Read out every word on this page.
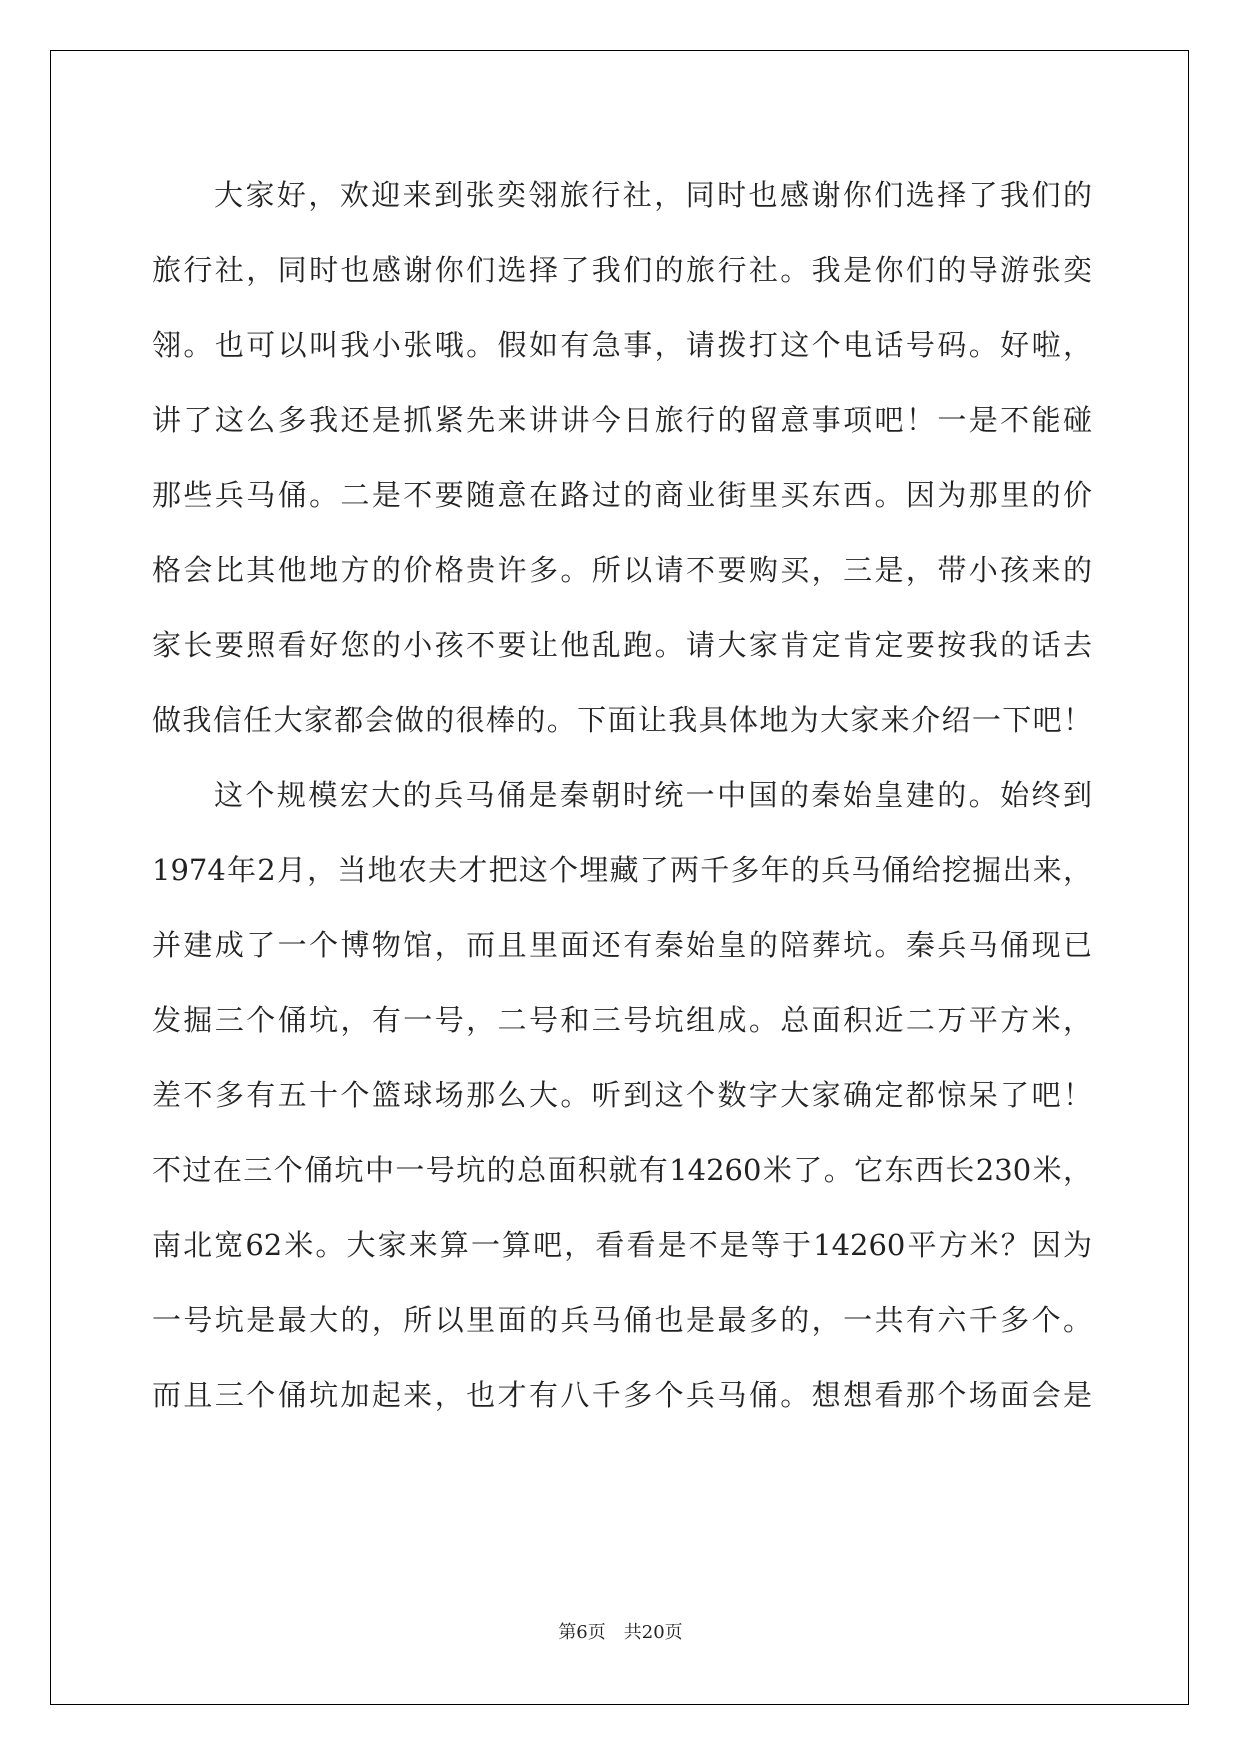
大家好，欢迎来到张奕翎旅行社，同时也感谢你们选择了我们的
旅行社，同时也感谢你们选择了我们的旅行社。我是你们的导游张奕
翎。也可以叫我小张哦。假如有急事，请拨打这个电话号码。好啦，
讲了这么多我还是抓紧先来讲讲今日旅行的留意事项吧！一是不能碰
那些兵马俑。二是不要随意在路过的商业街里买东西。因为那里的价
格会比其他地方的价格贵许多。所以请不要购买，三是，带小孩来的
家长要照看好您的小孩不要让他乱跑。请大家肯定肯定要按我的话去
做我信任大家都会做的很棒的。下面让我具体地为大家来介绍一下吧！
这个规模宏大的兵马俑是秦朝时统一中国的秦始皇建的。始终到
1974年2月，当地农夫才把这个埋藏了两千多年的兵马俑给挖掘出来，
并建成了一个博物馆，而且里面还有秦始皇的陪葬坑。秦兵马俑现已
发掘三个俑坑，有一号，二号和三号坑组成。总面积近二万平方米，
差不多有五十个篮球场那么大。听到这个数字大家确定都惊呆了吧！
不过在三个俑坑中一号坑的总面积就有14260米了。它东西长230米，
南北宽62米。大家来算一算吧，看看是不是等于14260平方米？因为
一号坑是最大的，所以里面的兵马俑也是最多的，一共有六千多个。
而且三个俑坑加起来，也才有八千多个兵马俑。想想看那个场面会是
第6页　共20页
